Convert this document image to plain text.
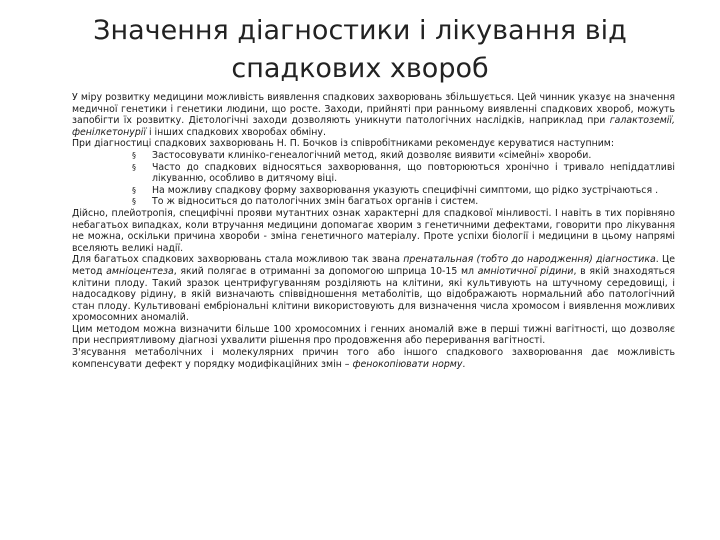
Значення діагностики і лікування від
спадкових хвороб

У міру розвитку медицини можливість виявлення спадкових захворювань збільшується. Цей чинник указує на значення медичної генетики і генетики людини, що росте. Заходи, прийняті при ранньому виявленні спадкових хвороб, можуть запобігти їх розвитку. Дієтологічні заходи дозволяють уникнути патологічних наслідків, наприклад при галактоземії, фенілкетонурії і інших спадкових хворобах обміну.

При діагностиці спадкових захворювань Н. П. Бочков із співробітниками рекомендує керуватися наступним:

§ Застосовувати клиніко-генеалогічний метод, який дозволяє виявити «сімейні» хвороби.
§ Часто до спадкових відносяться захворювання, що повторюються хронічно і тривало непіддатливі лікуванню, особливо в дитячому віці.
§ На можливу спадкову форму захворювання указують специфічні симптоми, що рідко зустрічаються .
§ То ж відноситься до патологічних змін багатьох органів і систем.

Дійсно, плейотропія, специфічні прояви мутантних ознак характерні для спадкової мінливості. І навіть в тих порівняно небагатьох випадках, коли втручання медицини допомагає хворим з генетичними дефектами, говорити про лікування не можна, оскільки причина хвороби - зміна генетичного матеріалу. Проте успіхи біології і медицини в цьому напрямі вселяють великі надії.

Для багатьох спадкових захворювань стала можливою так звана пренатальная (тобто до народження) діагностика. Це метод амніоцентеза, який полягає в отриманні за допомогою шприца 10-15 мл амніотичної рідини, в якій знаходяться клітини плоду. Такий зразок центрифугуванням розділяють на клітини, які культивують на штучному середовищі, і надосадкову рідину, в якій визначають співвідношення метаболітів, що відображають нормальний або патологічний стан плоду. Культивовані ембріональні клітини використовують для визначення числа хромосом і виявлення можливих хромосомних аномалій.

Цим методом можна визначити більше 100 хромосомних і генних аномалій вже в перші тижні вагітності, що дозволяє при несприятливому діагнозі ухвалити рішення про продовження або переривання вагітності.

З'ясування метаболічних і молекулярних причин того або іншого спадкового захворювання дає можливість компенсувати дефект у порядку модифікаційних змін – фенокопіювати норму.
